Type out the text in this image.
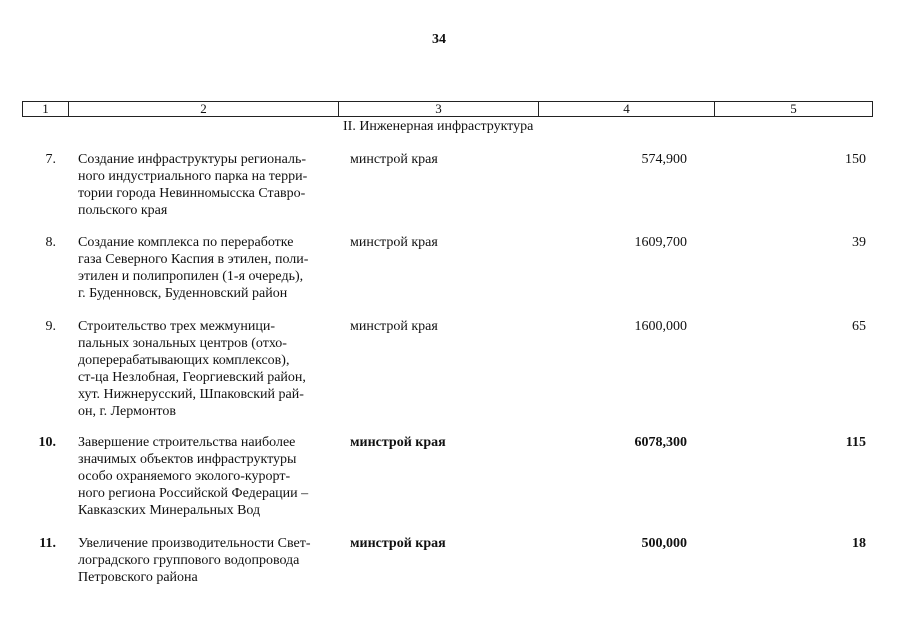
34
1	2	3	4	5
II. Инженерная инфраструктура
7. Создание инфраструктуры региональ-
ного индустриального парка на терри-
тории города Невинномысска Ставро-
польского края
минстрой края	574,900	150
8. Создание комплекса по переработке
газа Северного Каспия в этилен, поли-
этилен и полипропилен (1-я очередь),
г. Буденновск, Буденновский район
минстрой края	1609,700	39
9. Строительство трех межмуници-
пальных зональных центров (отхо-
доперерабатывающих комплексов),
ст-ца Незлобная, Георгиевский район,
хут. Нижнерусский, Шпаковский рай-
он, г. Лермонтов
минстрой края	1600,000	65
10. Завершение строительства наиболее
значимых объектов инфраструктуры
особо охраняемого эколого-курорт-
ного региона Российской Федерации –
Кавказских Минеральных Вод
минстрой края	6078,300	115
11. Увеличение производительности Свет-
лоградского группового водопровода
Петровского района
минстрой края	500,000	18
